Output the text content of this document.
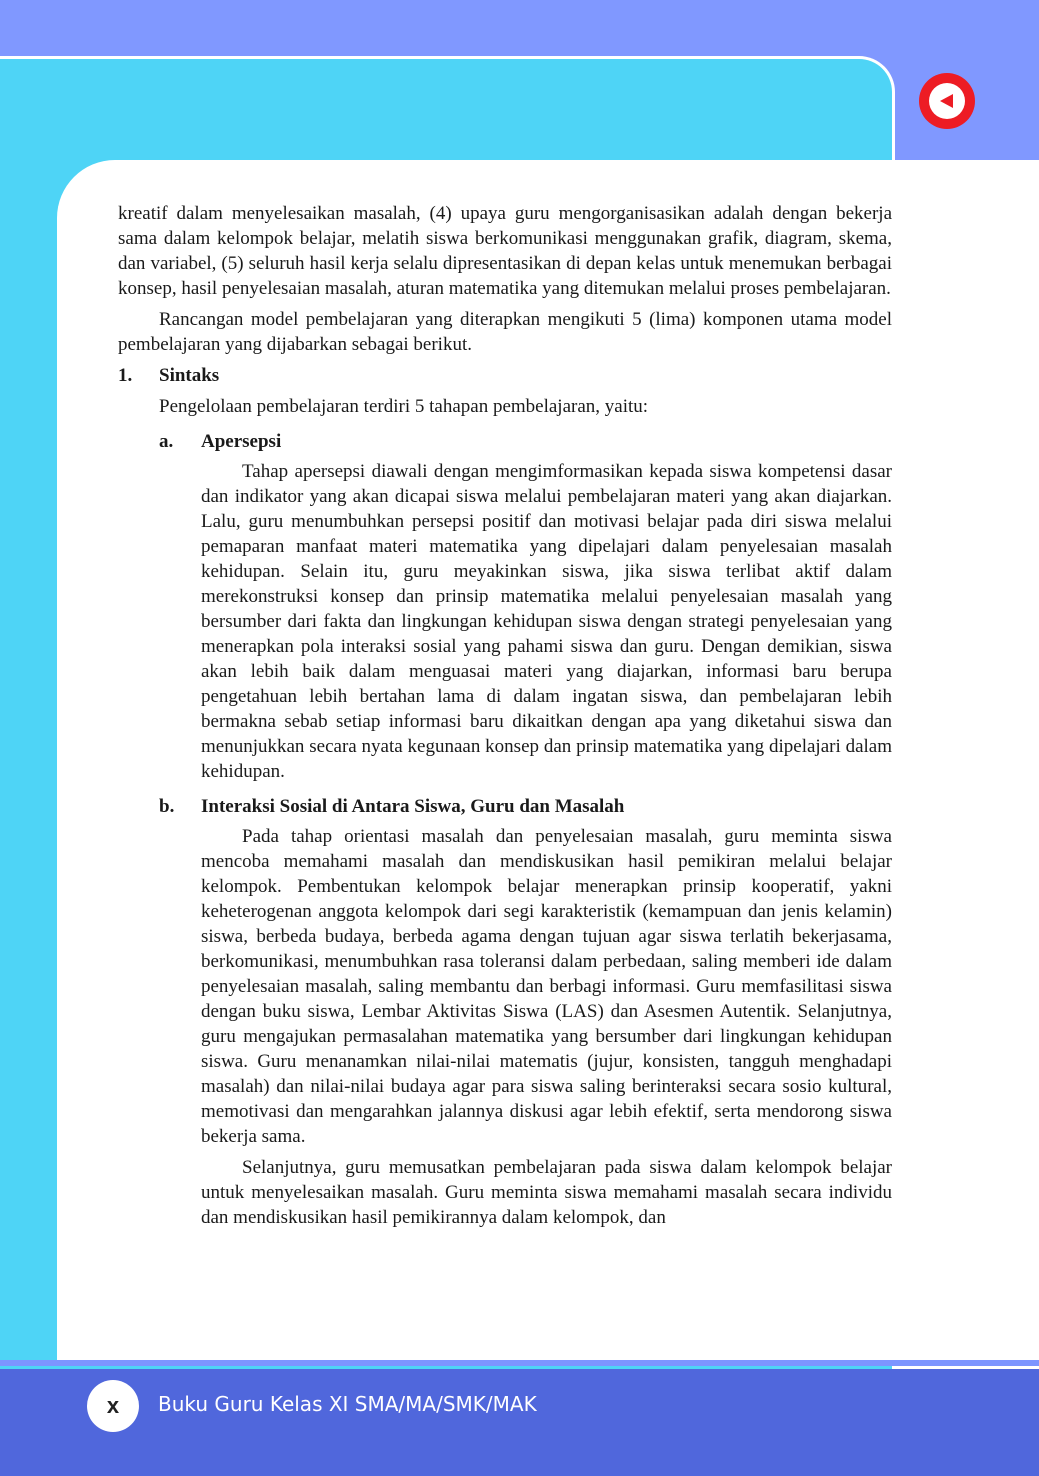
x	Buku Guru Kelas XI SMA/MA/SMK/MAK

kreatif dalam menyelesaikan masalah, (4) upaya guru mengorganisasikan adalah dengan bekerja sama dalam kelompok belajar, melatih siswa berkomunikasi menggunakan grafik, diagram, skema, dan variabel, (5) seluruh hasil kerja selalu dipresentasikan di depan kelas untuk menemukan berbagai konsep, hasil penyelesaian masalah, aturan matematika yang ditemukan melalui proses pembelajaran.

Rancangan model pembelajaran yang diterapkan mengikuti 5 (lima) komponen utama model pembelajaran yang dijabarkan sebagai berikut.

1.	Sintaks

Pengelolaan pembelajaran terdiri 5 tahapan pembelajaran, yaitu:

a.	Apersepsi

Tahap apersepsi diawali dengan mengimformasikan kepada siswa kompetensi dasar dan indikator yang akan dicapai siswa melalui pembelajaran materi yang akan diajarkan. Lalu, guru menumbuhkan persepsi positif dan motivasi belajar pada diri siswa melalui pemaparan manfaat materi matematika yang dipelajari dalam penyelesaian masalah kehidupan. Selain itu, guru meyakinkan siswa, jika siswa terlibat aktif dalam merekonstruksi konsep dan prinsip matematika melalui penyelesaian masalah yang bersumber dari fakta dan lingkungan kehidupan siswa dengan strategi penyelesaian yang menerapkan pola interaksi sosial yang pahami siswa dan guru. Dengan demikian, siswa akan lebih baik dalam menguasai materi yang diajarkan, informasi baru berupa pengetahuan lebih bertahan lama di dalam ingatan siswa, dan pembelajaran lebih bermakna sebab setiap informasi baru dikaitkan dengan apa yang diketahui siswa dan menunjukkan secara nyata kegunaan konsep dan prinsip matematika yang dipelajari dalam kehidupan.

b.	Interaksi Sosial di Antara Siswa, Guru dan Masalah

Pada tahap orientasi masalah dan penyelesaian masalah, guru meminta siswa mencoba memahami masalah dan mendiskusikan hasil pemikiran melalui belajar kelompok. Pembentukan kelompok belajar menerapkan prinsip kooperatif, yakni keheterogenan anggota kelompok dari segi karakteristik (kemampuan dan jenis kelamin) siswa, berbeda budaya, berbeda agama dengan tujuan agar siswa terlatih bekerjasama, berkomunikasi, menumbuhkan rasa toleransi dalam perbedaan, saling memberi ide dalam penyelesaian masalah, saling membantu dan berbagi informasi. Guru memfasilitasi siswa dengan buku siswa, Lembar Aktivitas Siswa (LAS) dan Asesmen Autentik. Selanjutnya, guru mengajukan permasalahan matematika yang bersumber dari lingkungan kehidupan siswa. Guru menanamkan nilai-nilai matematis (jujur, konsisten, tangguh menghadapi masalah) dan nilai-nilai budaya agar para siswa saling berinteraksi secara sosio kultural, memotivasi dan mengarahkan jalannya diskusi agar lebih efektif, serta mendorong siswa bekerja sama.

Selanjutnya, guru memusatkan pembelajaran pada siswa dalam kelompok belajar untuk menyelesaikan masalah. Guru meminta siswa memahami masalah secara individu dan mendiskusikan hasil pemikirannya dalam kelompok, dan
